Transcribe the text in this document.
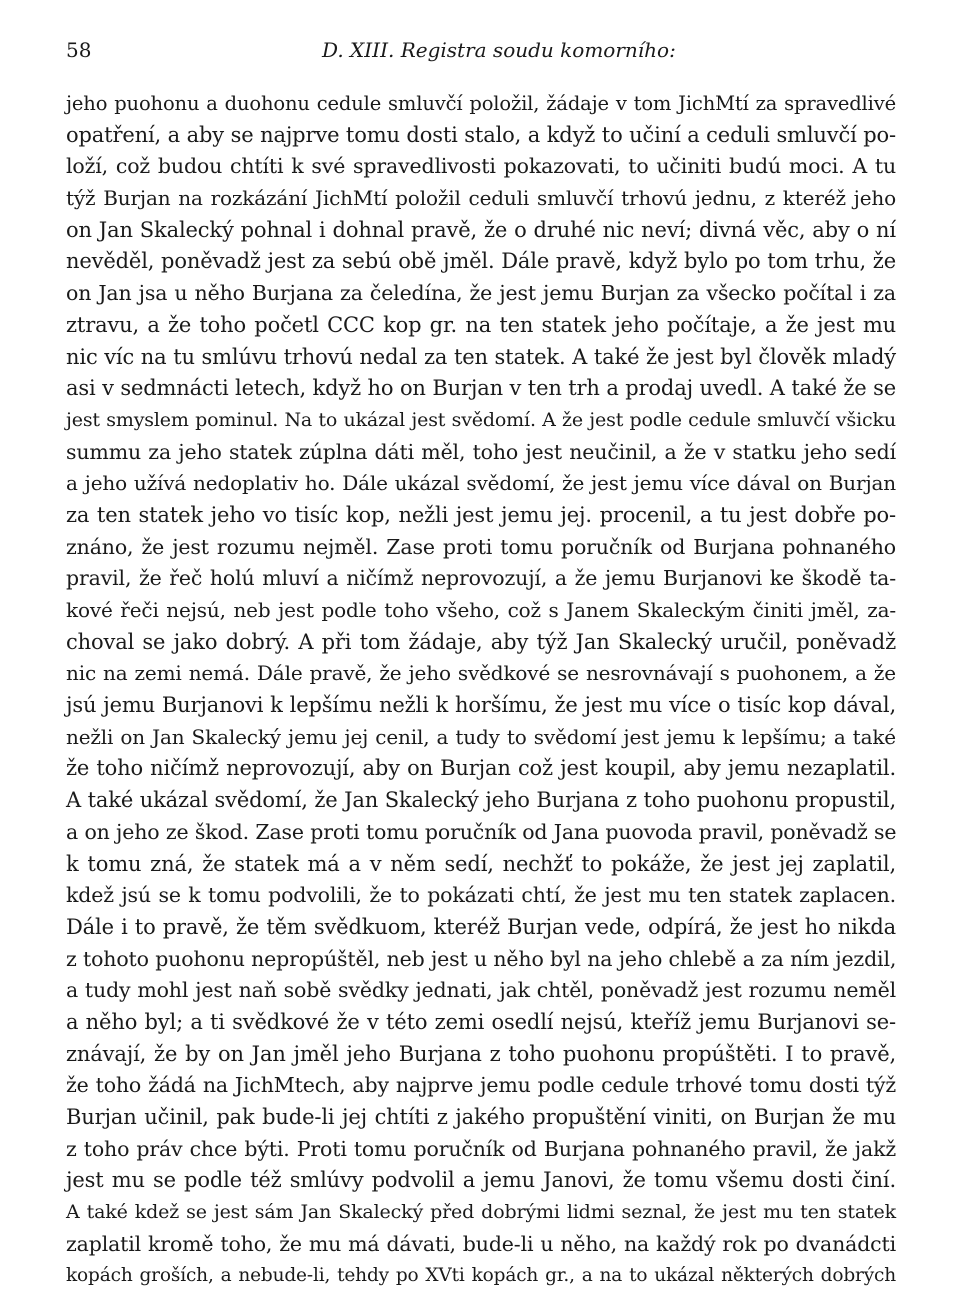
58	D. XIII. Registra soudu komorního:
jeho puohonu a duohonu cedule smluvčí položil, žádaje v tom JichMtí za spravedlivé
opatření, a aby se najprve tomu dosti stalo, a když to učiní a ceduli smluvčí po-
loží, což budou chtíti k své spravedlivosti pokazovati, to učiniti budú moci. A tu
týž Burjan na rozkázání JichMtí položil ceduli smluvčí trhovú jednu, z kteréž jeho
on Jan Skalecký pohnal i dohnal pravě, že o druhé nic neví; divná věc, aby o ní
nevěděl, poněvadž jest za sebú obě jměl. Dále pravě, když bylo po tom trhu, že
on Jan jsa u něho Burjana za čeledína, že jest jemu Burjan za všecko počítal i za
ztravu, a že toho početl CCC kop gr. na ten statek jeho počítaje, a že jest mu
nic víc na tu smlúvu trhovú nedal za ten statek. A také že jest byl člověk mladý
asi v sedmnácti letech, když ho on Burjan v ten trh a prodaj uvedl. A také že se
jest smyslem pominul. Na to ukázal jest svědomí. A že jest podle cedule smluvčí všicku
summu za jeho statek zúplna dáti měl, toho jest neučinil, a že v statku jeho sedí
a jeho užívá nedoplativ ho. Dále ukázal svědomí, že jest jemu více dával on Burjan
za ten statek jeho vo tisíc kop, nežli jest jemu jej. procenil, a tu jest dobře po-
znáno, že jest rozumu nejměl. Zase proti tomu poručník od Burjana pohnaného
pravil, že řeč holú mluví a ničímž neprovozují, a že jemu Burjanovi ke škodě ta-
kové řeči nejsú, neb jest podle toho všeho, což s Janem Skaleckým činiti jměl, za-
choval se jako dobrý. A při tom žádaje, aby týž Jan Skalecký uručil, poněvadž
nic na zemi nemá. Dále pravě, že jeho svědkové se nesrovnávají s puohonem, a že
jsú jemu Burjanovi k lepšímu nežli k horšímu, že jest mu více o tisíc kop dával,
nežli on Jan Skalecký jemu jej cenil, a tudy to svědomí jest jemu k lepšímu; a také
že toho ničímž neprovozují, aby on Burjan což jest koupil, aby jemu nezaplatil.
A také ukázal svědomí, že Jan Skalecký jeho Burjana z toho puohonu propustil,
a on jeho ze škod. Zase proti tomu poručník od Jana puovoda pravil, poněvadž se
k tomu zná, že statek má a v něm sedí, nechžť to pokáže, že jest jej zaplatil,
kdež jsú se k tomu podvolili, že to pokázati chtí, že jest mu ten statek zaplacen.
Dále i to pravě, že těm svědkuom, kteréž Burjan vede, odpírá, že jest ho nikda
z tohoto puohonu nepropúštěl, neb jest u něho byl na jeho chlebě a za ním jezdil,
a tudy mohl jest naň sobě svědky jednati, jak chtěl, poněvadž jest rozumu neměl
a něho byl; a ti svědkové že v této zemi osedlí nejsú, kteříž jemu Burjanovi se-
znávají, že by on Jan jměl jeho Burjana z toho puohonu propúštěti. I to pravě,
že toho žádá na JichMtech, aby najprve jemu podle cedule trhové tomu dosti týž
Burjan učinil, pak bude-li jej chtíti z jakého propuštění viniti, on Burjan že mu
z toho práv chce býti. Proti tomu poručník od Burjana pohnaného pravil, že jakž
jest mu se podle též smlúvy podvolil a jemu Janovi, že tomu všemu dosti činí.
A také kdež se jest sám Jan Skalecký před dobrými lidmi seznal, že jest mu ten statek
zaplatil kromě toho, že mu má dávati, bude-li u něho, na každý rok po dvanádcti
kopách groších, a nebude-li, tehdy po XVti kopách gr., a na to ukázal některých dobrých
